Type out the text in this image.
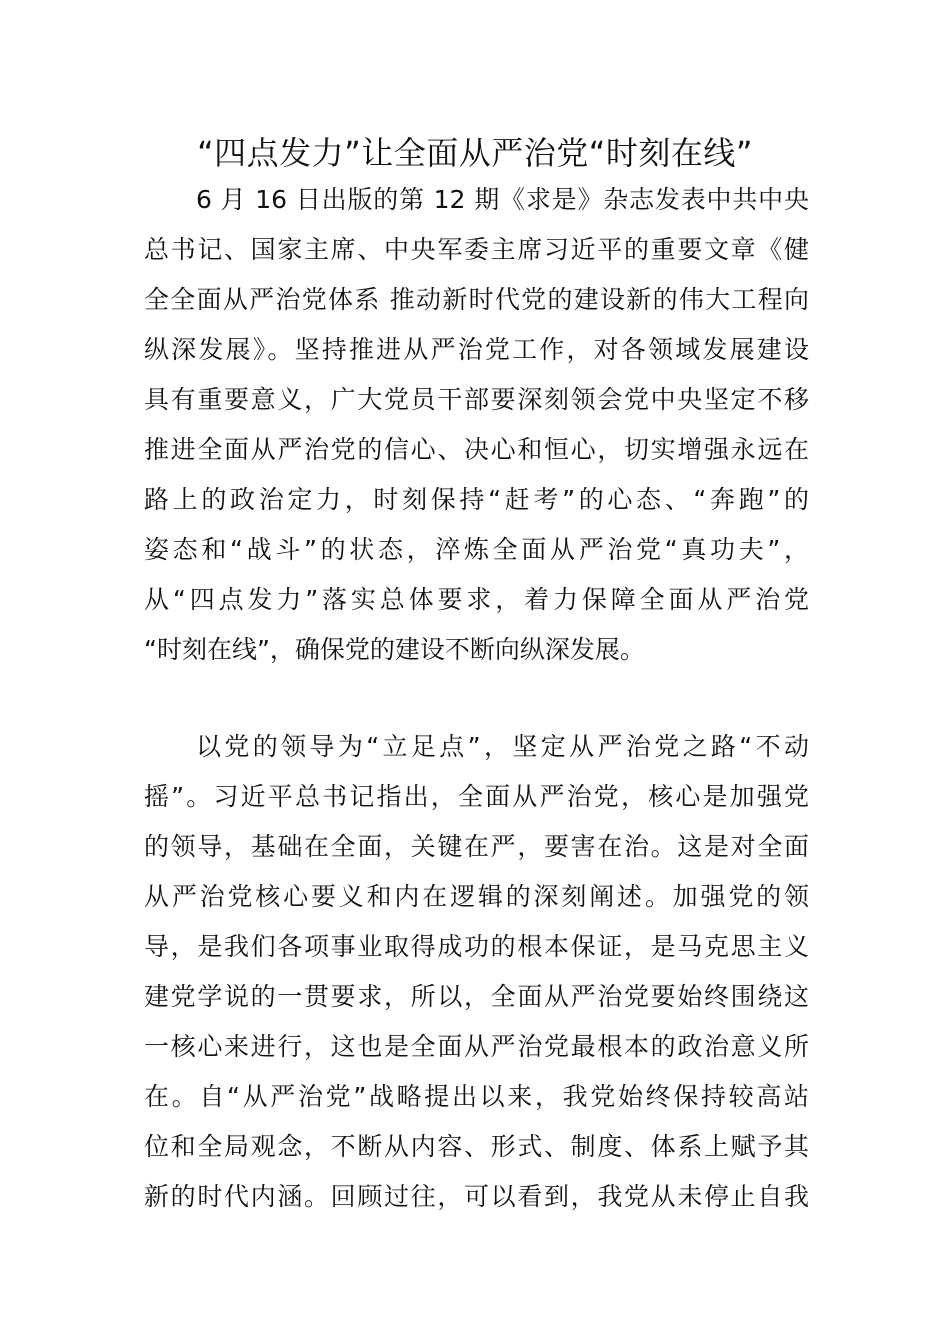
“四点发力”让全面从严治党“时刻在线”
6 月 16 日出版的第 12 期《求是》杂志发表中共中央
总书记、国家主席、中央军委主席习近平的重要文章《健
全全面从严治党体系 推动新时代党的建设新的伟大工程向
纵深发展》。坚持推进从严治党工作，对各领域发展建设
具有重要意义，广大党员干部要深刻领会党中央坚定不移
推进全面从严治党的信心、决心和恒心，切实增强永远在
路上的政治定力，时刻保持“赶考”的心态、“奔跑”的
姿态和“战斗”的状态，淬炼全面从严治党“真功夫”，
从“四点发力”落实总体要求，着力保障全面从严治党
“时刻在线”，确保党的建设不断向纵深发展。
以党的领导为“立足点”，坚定从严治党之路“不动
摇”。习近平总书记指出，全面从严治党，核心是加强党
的领导，基础在全面，关键在严，要害在治。这是对全面
从严治党核心要义和内在逻辑的深刻阐述。加强党的领
导，是我们各项事业取得成功的根本保证，是马克思主义
建党学说的一贯要求，所以，全面从严治党要始终围绕这
一核心来进行，这也是全面从严治党最根本的政治意义所
在。自“从严治党”战略提出以来，我党始终保持较高站
位和全局观念，不断从内容、形式、制度、体系上赋予其
新的时代内涵。回顾过往，可以看到，我党从未停止自我
